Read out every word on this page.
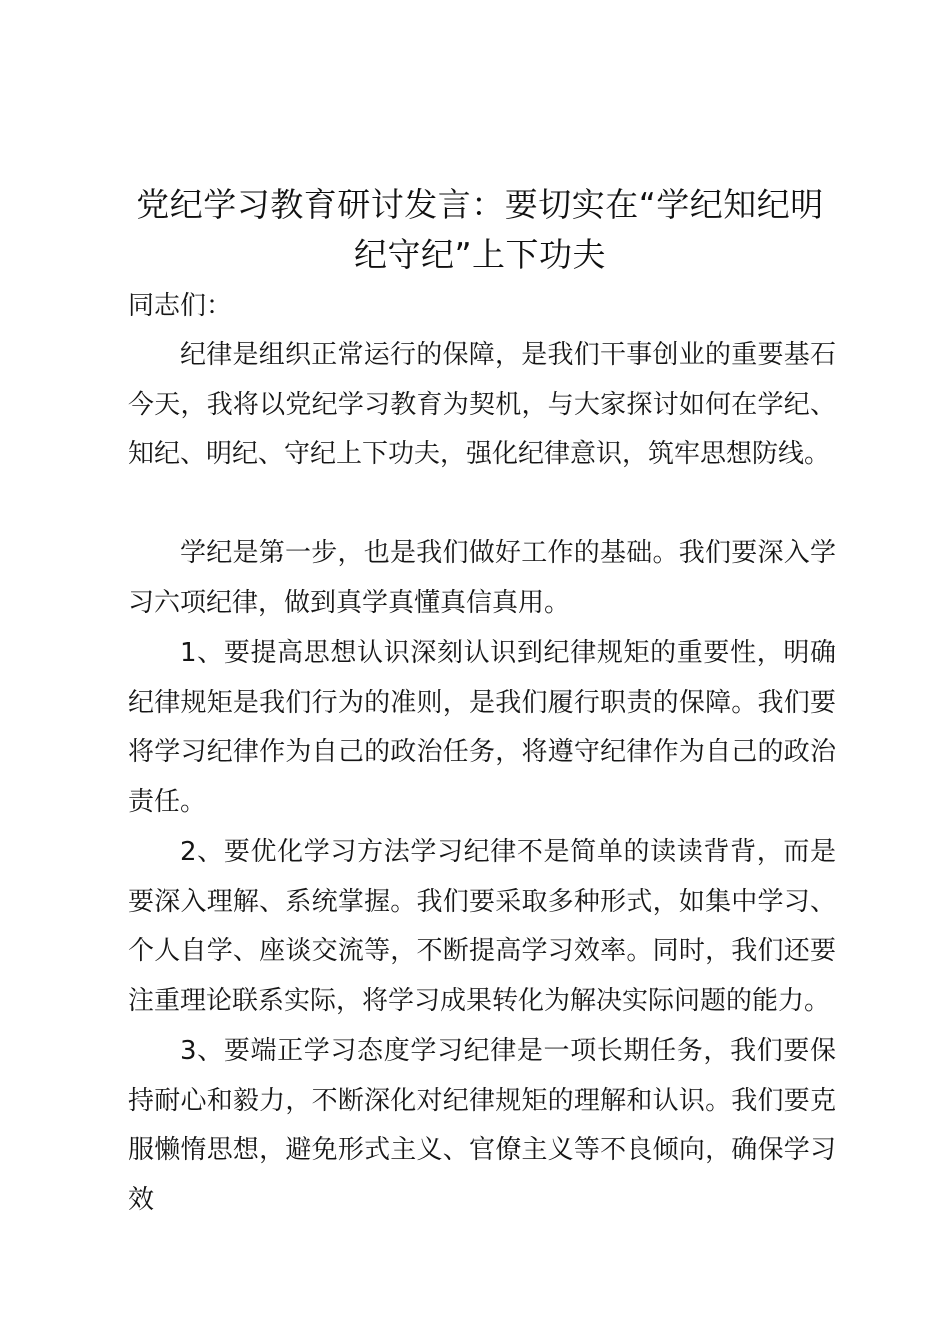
党纪学习教育研讨发言：要切实在“学纪知纪明纪守纪”上下功夫
同志们：

纪律是组织正常运行的保障，是我们干事创业的重要基石今天，我将以党纪学习教育为契机，与大家探讨如何在学纪、知纪、明纪、守纪上下功夫，强化纪律意识，筑牢思想防线。

学纪是第一步，也是我们做好工作的基础。我们要深入学习六项纪律，做到真学真懂真信真用。

1、要提高思想认识深刻认识到纪律规矩的重要性，明确纪律规矩是我们行为的准则，是我们履行职责的保障。我们要将学习纪律作为自己的政治任务，将遵守纪律作为自己的政治责任。

2、要优化学习方法学习纪律不是简单的读读背背，而是要深入理解、系统掌握。我们要采取多种形式，如集中学习、个人自学、座谈交流等，不断提高学习效率。同时，我们还要注重理论联系实际，将学习成果转化为解决实际问题的能力。

3、要端正学习态度学习纪律是一项长期任务，我们要保持耐心和毅力，不断深化对纪律规矩的理解和认识。我们要克服懒惰思想，避免形式主义、官僚主义等不良倾向，确保学习效
